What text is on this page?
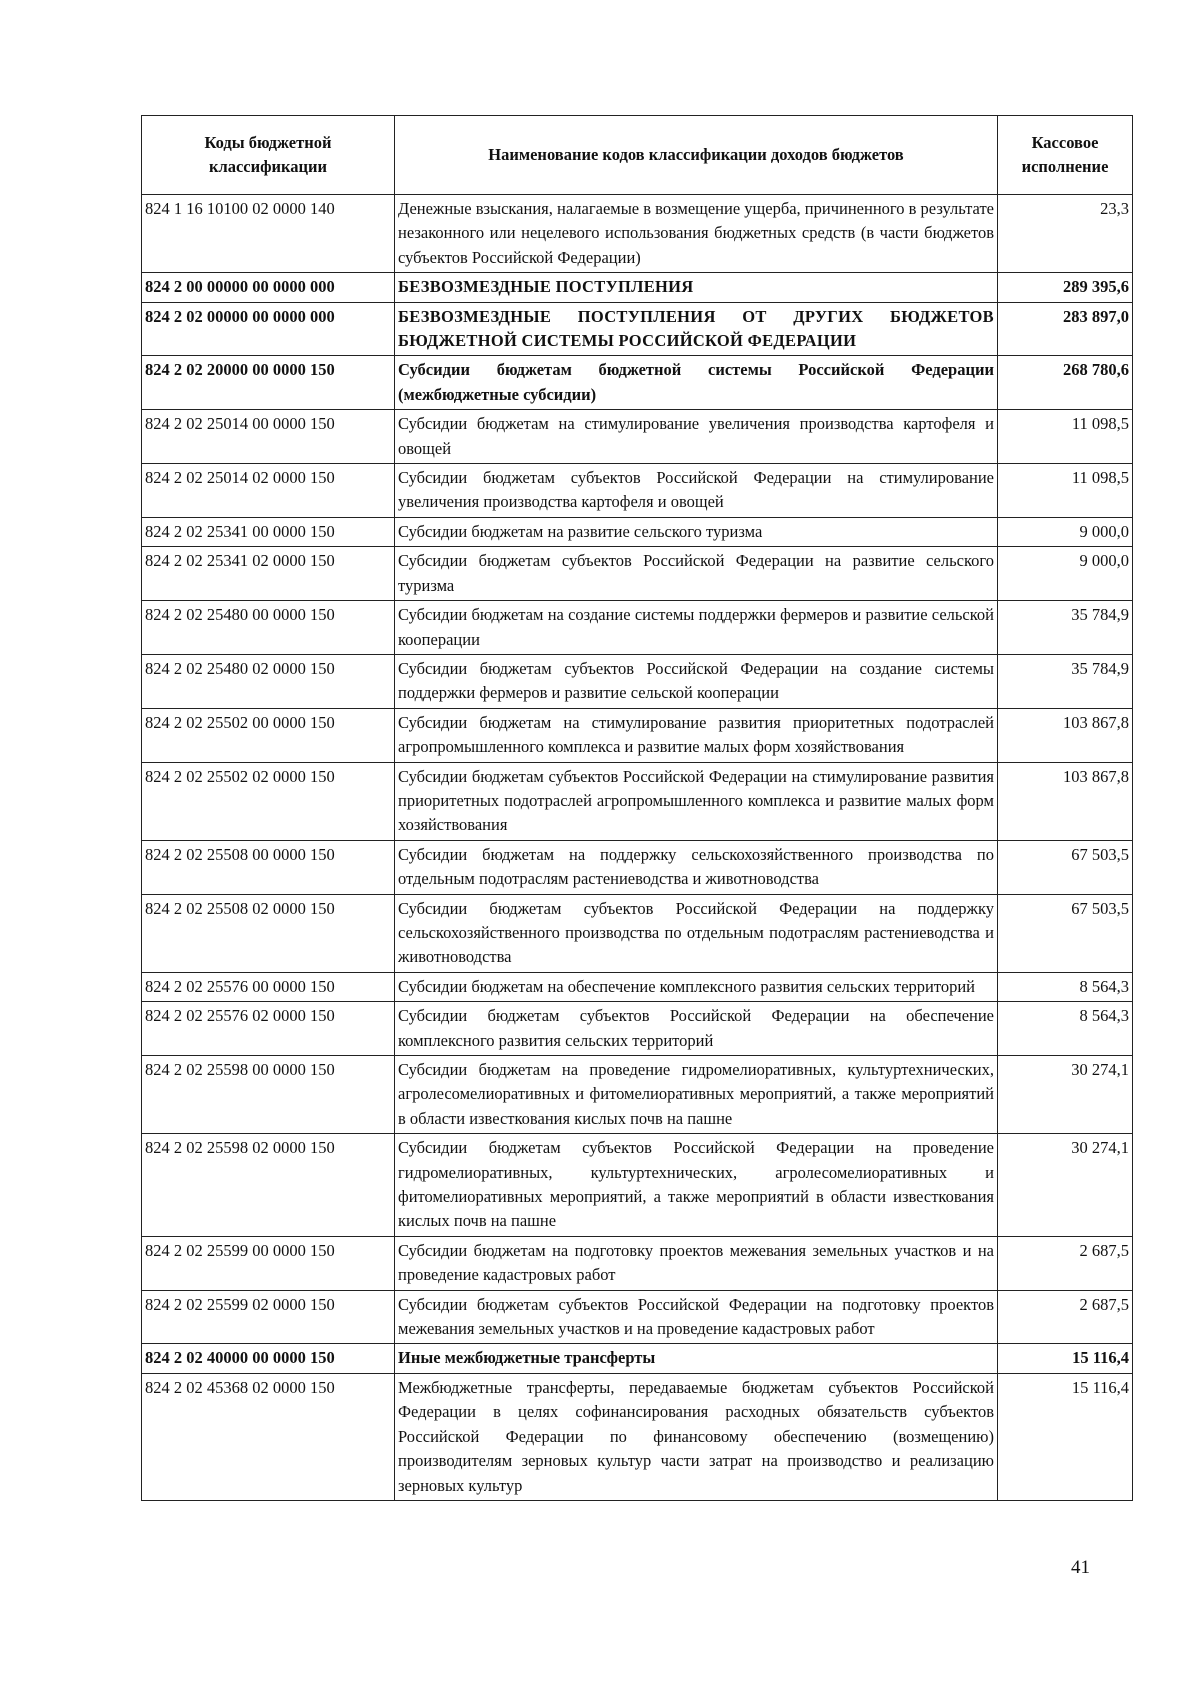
Коды бюджетной классификации	Наименование кодов классификации доходов бюджетов	Кассовое исполнение
824 1 16 10100 02 0000 140	Денежные взыскания, налагаемые в возмещение ущерба, причиненного в результате незаконного или нецелевого использования бюджетных средств (в части бюджетов субъектов Российской Федерации)	23,3
824 2 00 00000 00 0000 000	БЕЗВОЗМЕЗДНЫЕ ПОСТУПЛЕНИЯ	289 395,6
824 2 02 00000 00 0000 000	БЕЗВОЗМЕЗДНЫЕ ПОСТУПЛЕНИЯ ОТ ДРУГИХ БЮДЖЕТОВ БЮДЖЕТНОЙ СИСТЕМЫ РОССИЙСКОЙ ФЕДЕРАЦИИ	283 897,0
824 2 02 20000 00 0000 150	Субсидии бюджетам бюджетной системы Российской Федерации (межбюджетные субсидии)	268 780,6
824 2 02 25014 00 0000 150	Субсидии бюджетам на стимулирование увеличения производства картофеля и овощей	11 098,5
824 2 02 25014 02 0000 150	Субсидии бюджетам субъектов Российской Федерации на стимулирование увеличения производства картофеля и овощей	11 098,5
824 2 02 25341 00 0000 150	Субсидии бюджетам на развитие сельского туризма	9 000,0
824 2 02 25341 02 0000 150	Субсидии бюджетам субъектов Российской Федерации на развитие сельского туризма	9 000,0
824 2 02 25480 00 0000 150	Субсидии бюджетам на создание системы поддержки фермеров и развитие сельской кооперации	35 784,9
824 2 02 25480 02 0000 150	Субсидии бюджетам субъектов Российской Федерации на создание системы поддержки фермеров и развитие сельской кооперации	35 784,9
824 2 02 25502 00 0000 150	Субсидии бюджетам на стимулирование развития приоритетных подотраслей агропромышленного комплекса и развитие малых форм хозяйствования	103 867,8
824 2 02 25502 02 0000 150	Субсидии бюджетам субъектов Российской Федерации на стимулирование развития приоритетных подотраслей агропромышленного комплекса и развитие малых форм хозяйствования	103 867,8
824 2 02 25508 00 0000 150	Субсидии бюджетам на поддержку сельскохозяйственного производства по отдельным подотраслям растениеводства и животноводства	67 503,5
824 2 02 25508 02 0000 150	Субсидии бюджетам субъектов Российской Федерации на поддержку сельскохозяйственного производства по отдельным подотраслям растениеводства и животноводства	67 503,5
824 2 02 25576 00 0000 150	Субсидии бюджетам на обеспечение комплексного развития сельских территорий	8 564,3
824 2 02 25576 02 0000 150	Субсидии бюджетам субъектов Российской Федерации на обеспечение комплексного развития сельских территорий	8 564,3
824 2 02 25598 00 0000 150	Субсидии бюджетам на проведение гидромелиоративных, культуртехнических, агролесомелиоративных и фитомелиоративных мероприятий, а также мероприятий в области известкования кислых почв на пашне	30 274,1
824 2 02 25598 02 0000 150	Субсидии бюджетам субъектов Российской Федерации на проведение гидромелиоративных, культуртехнических, агролесомелиоративных и фитомелиоративных мероприятий, а также мероприятий в области известкования кислых почв на пашне	30 274,1
824 2 02 25599 00 0000 150	Субсидии бюджетам на подготовку проектов межевания земельных участков и на проведение кадастровых работ	2 687,5
824 2 02 25599 02 0000 150	Субсидии бюджетам субъектов Российской Федерации на подготовку проектов межевания земельных участков и на проведение кадастровых работ	2 687,5
824 2 02 40000 00 0000 150	Иные межбюджетные трансферты	15 116,4
824 2 02 45368 02 0000 150	Межбюджетные трансферты, передаваемые бюджетам субъектов Российской Федерации в целях софинансирования расходных обязательств субъектов Российской Федерации по финансовому обеспечению (возмещению) производителям зерновых культур части затрат на производство и реализацию зерновых культур	15 116,4
41
